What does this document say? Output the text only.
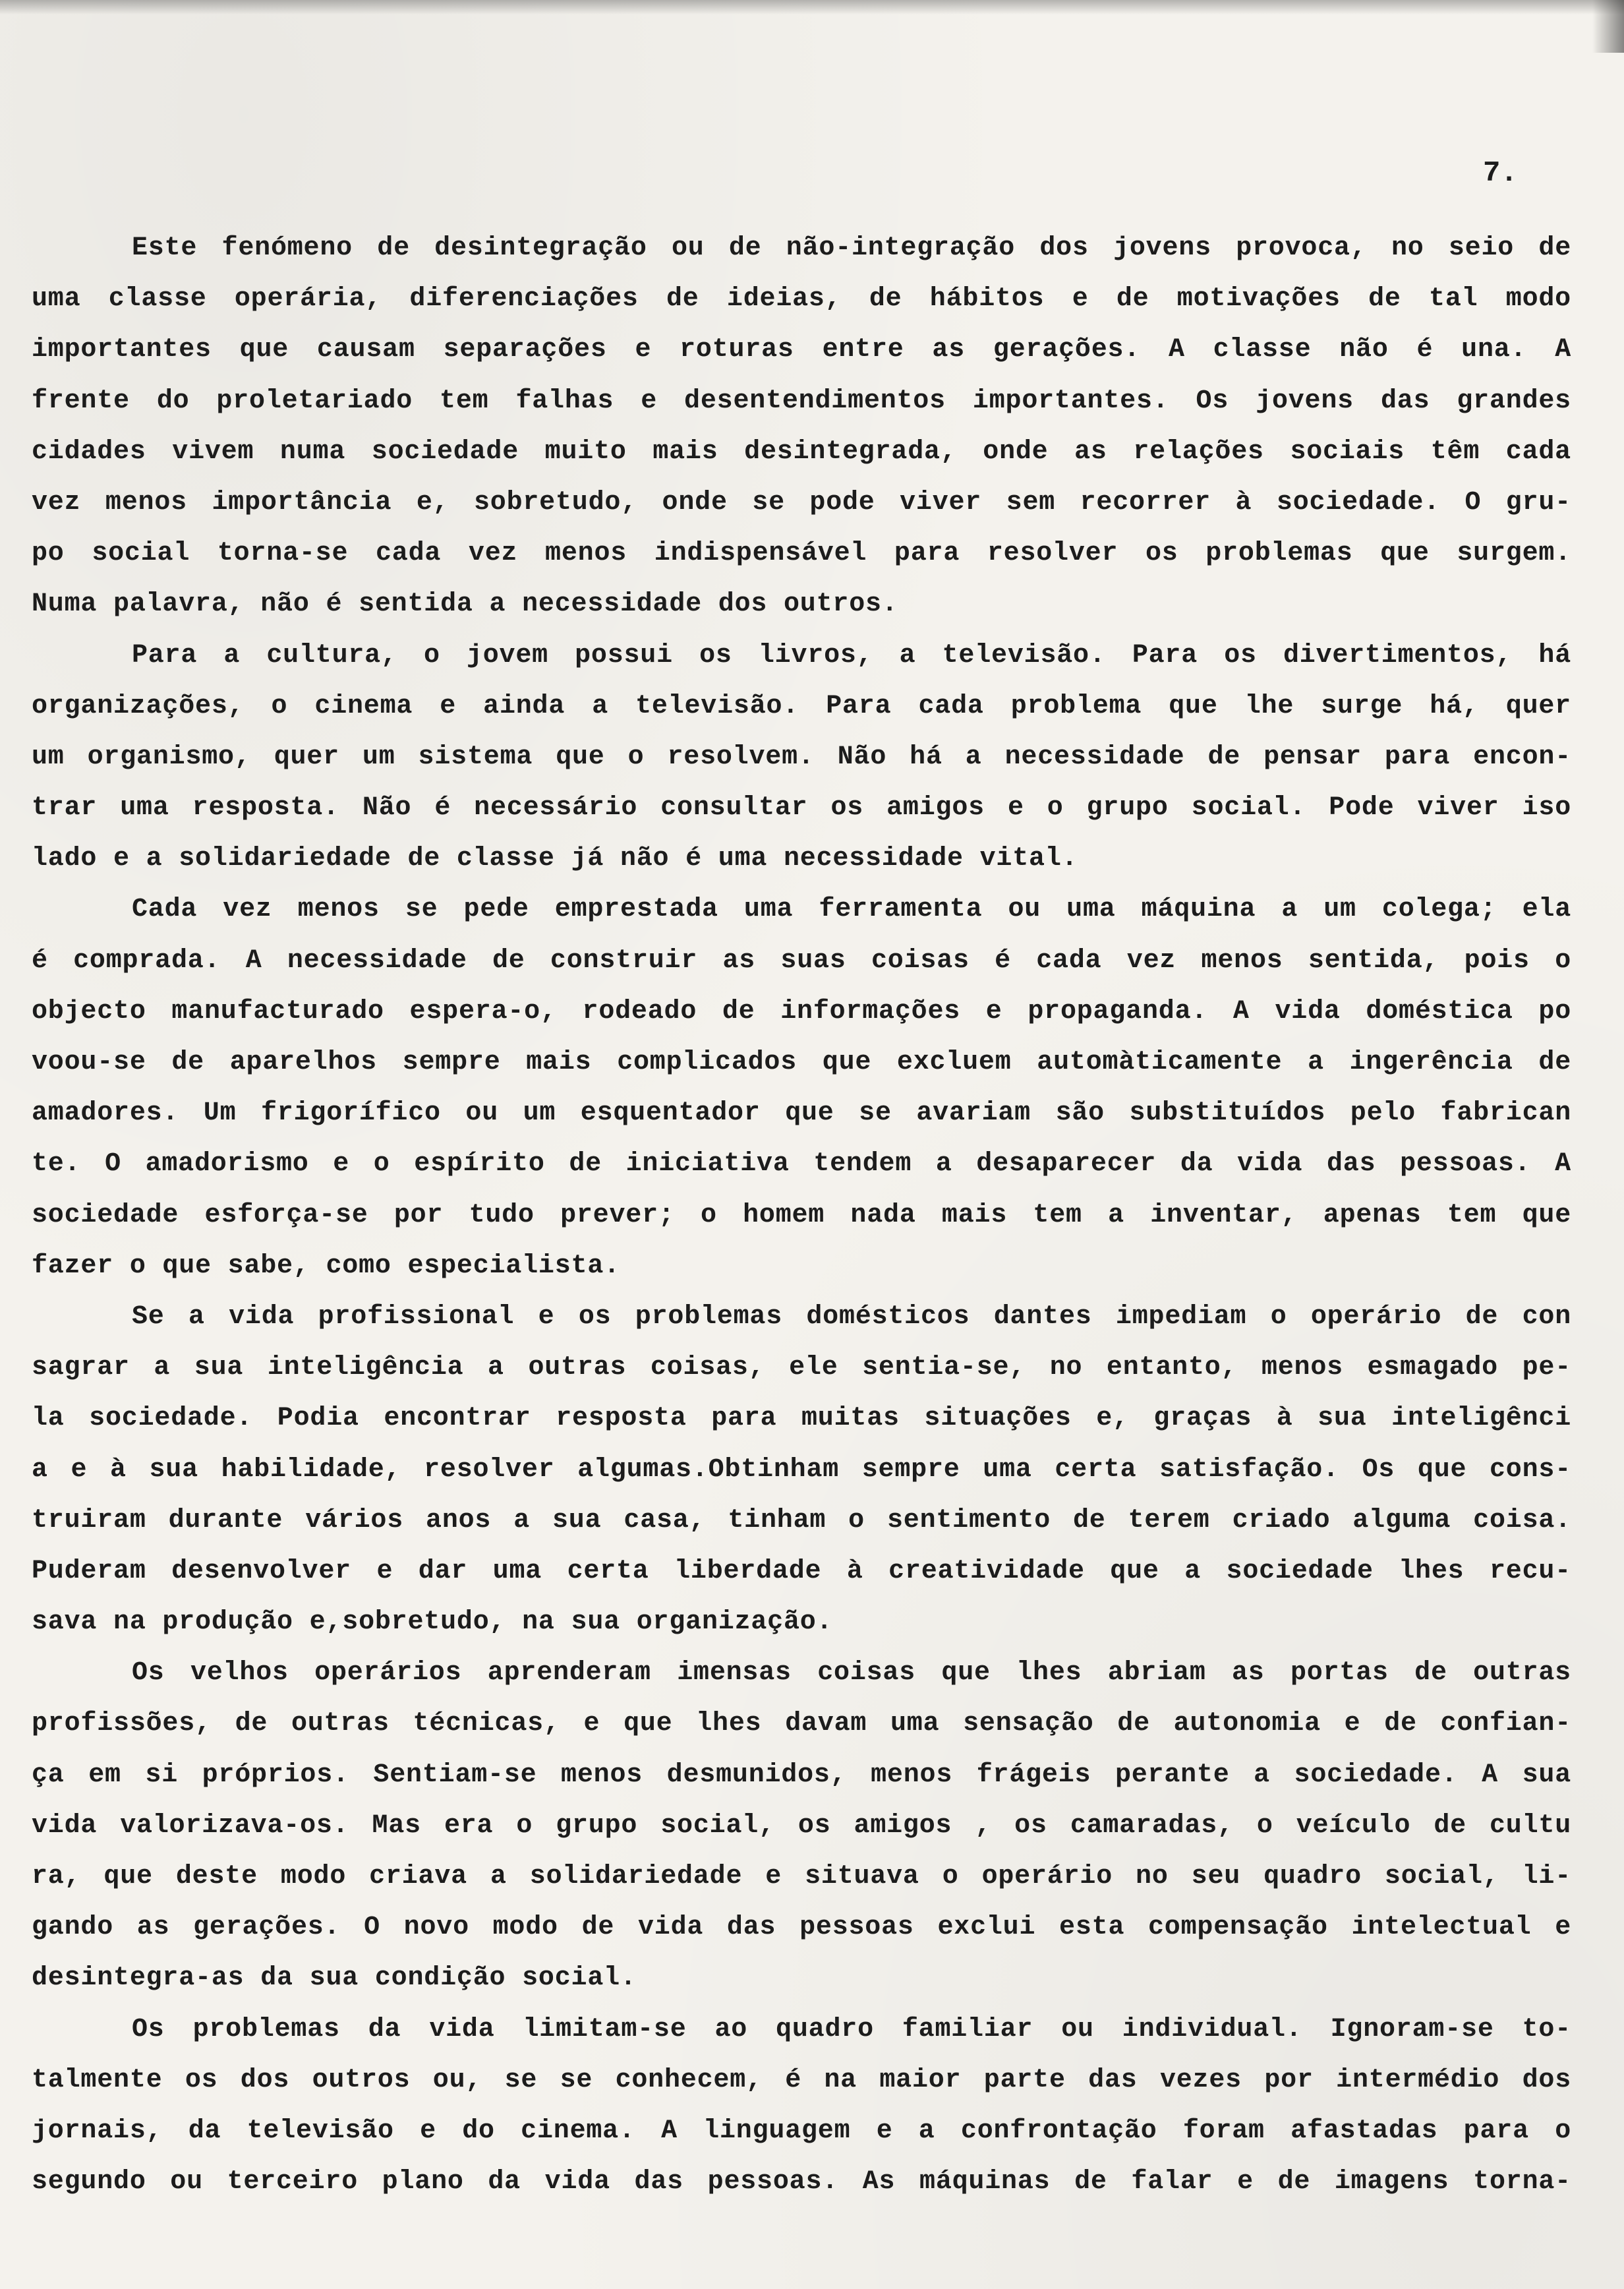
7.
Este fenómeno de desintegração ou de não-integração dos jovens provoca, no seio de
uma classe operária, diferenciações de ideias, de hábitos e de motivações de tal modo
importantes que causam separações e roturas entre as gerações. A classe não é una. A
frente do proletariado tem falhas e desentendimentos importantes. Os jovens das grandes
cidades vivem numa sociedade muito mais desintegrada, onde as relações sociais têm cada
vez menos importância e, sobretudo, onde se pode viver sem recorrer à sociedade. O gru-
po social torna-se cada vez menos indispensável para resolver os problemas que surgem.
Numa palavra, não é sentida a necessidade dos outros.
Para a cultura, o jovem possui os livros, a televisão. Para os divertimentos, há
organizações, o cinema e ainda a televisão. Para cada problema que lhe surge há, quer
um organismo, quer um sistema que o resolvem. Não há a necessidade de pensar para encon-
trar uma resposta. Não é necessário consultar os amigos e o grupo social. Pode viver iso
lado e a solidariedade de classe já não é uma necessidade vital.
Cada vez menos se pede emprestada uma ferramenta ou uma máquina a um colega; ela
é comprada. A necessidade de construir as suas coisas é cada vez menos sentida, pois o
objecto manufacturado espera-o, rodeado de informações e propaganda. A vida doméstica po
voou-se de aparelhos sempre mais complicados que excluem automàticamente a ingerência de
amadores. Um frigorífico ou um esquentador que se avariam são substituídos pelo fabrican
te. O amadorismo e o espírito de iniciativa tendem a desaparecer da vida das pessoas. A
sociedade esforça-se por tudo prever; o homem nada mais tem a inventar, apenas tem que
fazer o que sabe, como especialista.
Se a vida profissional e os problemas domésticos dantes impediam o operário de con
sagrar a sua inteligência a outras coisas, ele sentia-se, no entanto, menos esmagado pe-
la sociedade. Podia encontrar resposta para muitas situações e, graças à sua inteligênci
a e à sua habilidade, resolver algumas.Obtinham sempre uma certa satisfação. Os que cons-
truiram durante vários anos a sua casa, tinham o sentimento de terem criado alguma coisa.
Puderam desenvolver e dar uma certa liberdade à creatividade que a sociedade lhes recu-
sava na produção e,sobretudo, na sua organização.
Os velhos operários aprenderam imensas coisas que lhes abriam as portas de outras
profissões, de outras técnicas, e que lhes davam uma sensação de autonomia e de confian-
ça em si próprios. Sentiam-se menos desmunidos, menos frágeis perante a sociedade. A sua
vida valorizava-os. Mas era o grupo social, os amigos , os camaradas, o veículo de cultu
ra, que deste modo criava a solidariedade e situava o operário no seu quadro social, li-
gando as gerações. O novo modo de vida das pessoas exclui esta compensação intelectual e
desintegra-as da sua condição social.
Os problemas da vida limitam-se ao quadro familiar ou individual. Ignoram-se to-
talmente os dos outros ou, se se conhecem, é na maior parte das vezes por intermédio dos
jornais, da televisão e do cinema. A linguagem e a confrontação foram afastadas para o
segundo ou terceiro plano da vida das pessoas. As máquinas de falar e de imagens torna-
